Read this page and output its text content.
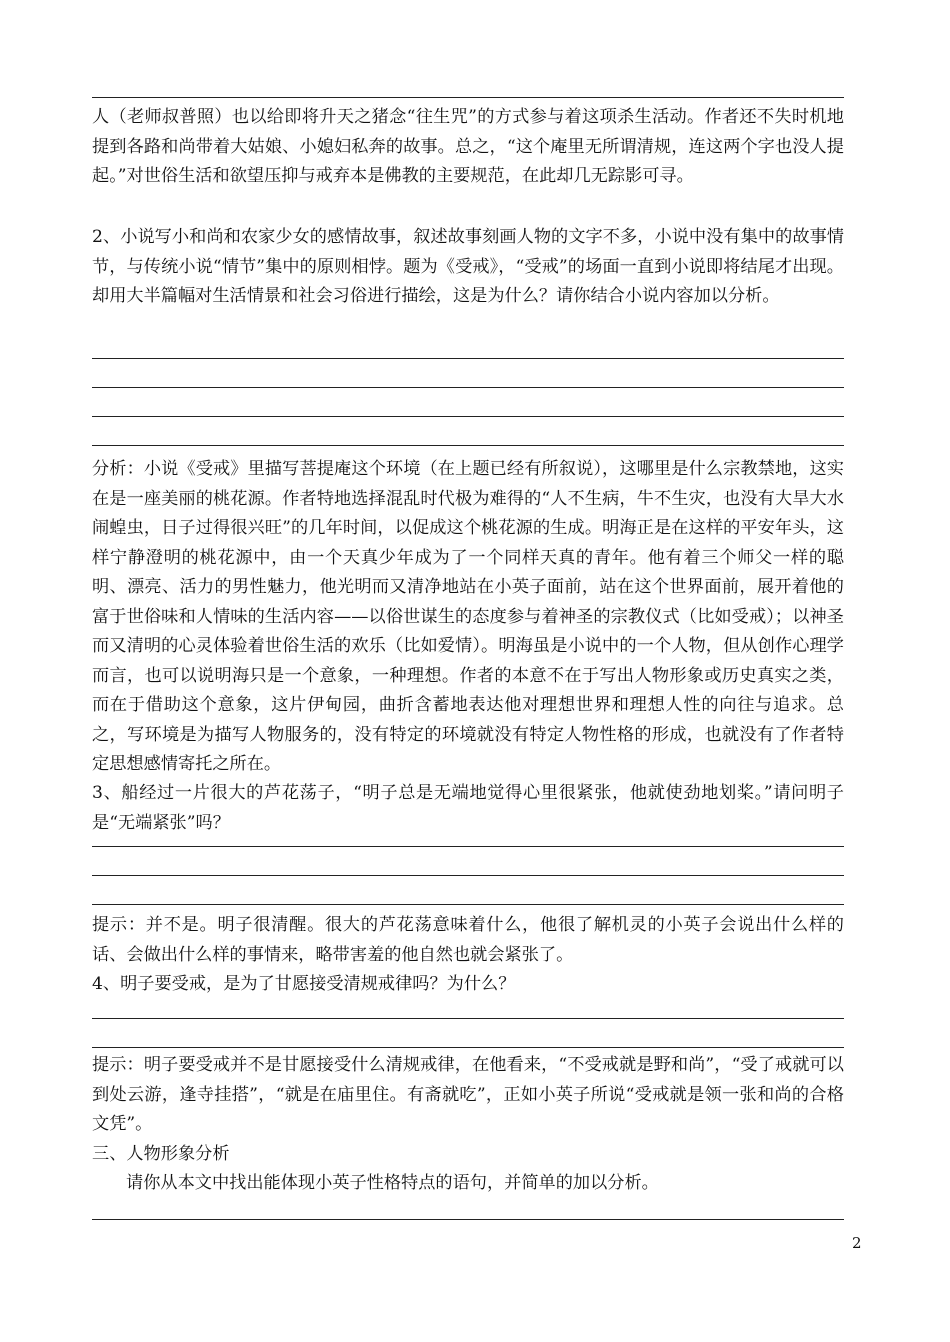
人（老师叔普照）也以给即将升天之猪念“往生咒”的方式参与着这项杀生活动。作者还不失时机地提到各路和尚带着大姑娘、小媳妇私奔的故事。总之，“这个庵里无所谓清规，连这两个字也没人提起。”对世俗生活和欲望压抑与戒弃本是佛教的主要规范，在此却几无踪影可寻。

2、小说写小和尚和农家少女的感情故事，叙述故事刻画人物的文字不多，小说中没有集中的故事情节，与传统小说“情节”集中的原则相悖。题为《受戒》，“受戒”的场面一直到小说即将结尾才出现。却用大半篇幅对生活情景和社会习俗进行描绘，这是为什么？请你结合小说内容加以分析。

分析：小说《受戒》里描写菩提庵这个环境（在上题已经有所叙说），这哪里是什么宗教禁地，这实在是一座美丽的桃花源。作者特地选择混乱时代极为难得的“人不生病，牛不生灾，也没有大旱大水闹蝗虫，日子过得很兴旺”的几年时间，以促成这个桃花源的生成。明海正是在这样的平安年头，这样宁静澄明的桃花源中，由一个天真少年成为了一个同样天真的青年。他有着三个师父一样的聪明、漂亮、活力的男性魅力，他光明而又清净地站在小英子面前，站在这个世界面前，展开着他的富于世俗味和人情味的生活内容——以俗世谋生的态度参与着神圣的宗教仪式（比如受戒）；以神圣而又清明的心灵体验着世俗生活的欢乐（比如爱情）。明海虽是小说中的一个人物，但从创作心理学而言，也可以说明海只是一个意象，一种理想。作者的本意不在于写出人物形象或历史真实之类，而在于借助这个意象，这片伊甸园，曲折含蓄地表达他对理想世界和理想人性的向往与追求。总之，写环境是为描写人物服务的，没有特定的环境就没有特定人物性格的形成，也就没有了作者特定思想感情寄托之所在。

3、船经过一片很大的芦花荡子，“明子总是无端地觉得心里很紧张，他就使劲地划桨。”请问明子是“无端紧张”吗？

提示：并不是。明子很清醒。很大的芦花荡意味着什么，他很了解机灵的小英子会说出什么样的话、会做出什么样的事情来，略带害羞的他自然也就会紧张了。

4、明子要受戒，是为了甘愿接受清规戒律吗？为什么？

提示：明子要受戒并不是甘愿接受什么清规戒律，在他看来，“不受戒就是野和尚”，“受了戒就可以到处云游，逢寺挂搭”，“就是在庙里住。有斋就吃”，正如小英子所说“受戒就是领一张和尚的合格文凭”。

三、人物形象分析

请你从本文中找出能体现小英子性格特点的语句，并简单的加以分析。

2
